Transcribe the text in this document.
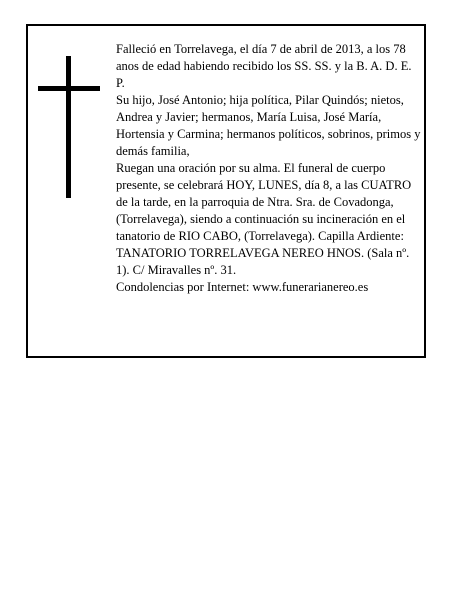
Falleció en Torrelavega, el día 7 de abril de 2013, a los 78 anos de edad habiendo recibido los SS. SS. y la B. A. D. E. P.

Su hijo, José Antonio; hija política, Pilar Quindós; nietos, Andrea y Javier; hermanos, María Luisa, José María, Hortensia y Carmina; hermanos políticos, sobrinos, primos y demás familia,

Ruegan una oración por su alma. El funeral de cuerpo presente, se celebrará HOY, LUNES, día 8, a las CUATRO de la tarde, en la parroquia de Ntra. Sra. de Covadonga, (Torrelavega), siendo a continuación su incineración en el tanatorio de RIO CABO, (Torrelavega). Capilla Ardiente: TANATORIO TORRELAVEGA NEREO HNOS. (Sala nº. 1). C/ Miravalles nº. 31.

Condolencias por Internet: www.funerarianereo.es
